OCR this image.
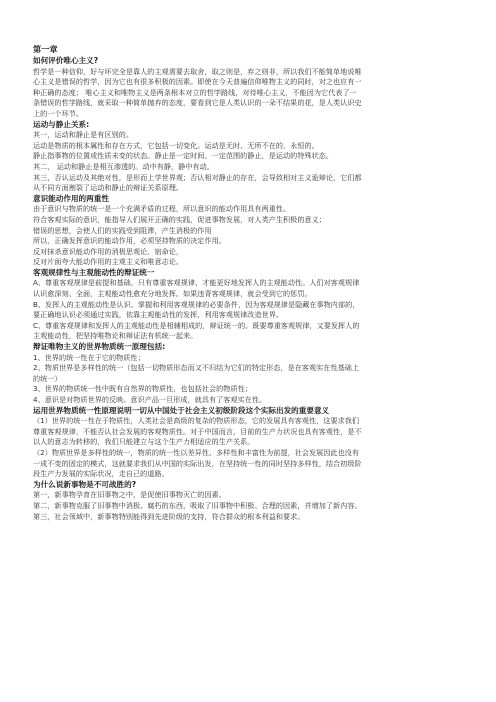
第一章
如何评价唯心主义?
哲学是一种信仰，好与坏完全是靠人的主观需要去取舍，取之则是，弃之则非，所以我们不能简单地说唯
心主义是错误的哲学，因为它也有很多积极的因素。即使在今天普遍信仰唯物主义的同时，对之也应有一
种正确的态度； 唯心主义和唯物主义是两条根本对立的哲学路线，对待唯心主义，不能因为它代表了一
条错误的哲学路线，就采取一种简单抛弃的态度，要看到它是人类认识的一朵不结果的花，是人类认识史
上的一个环节。
运动与静止关系:
其一，运动和静止是有区别的。
运动是物质的根本属性和存在方式，它包括一切变化。运动是无时、无所不在的，永恒的。
静止指事物的位置或性质未变的状态。静止是一定时间、一定范围的静止，是运动的特殊状态。
其二， 运动和静止是相互渗透的。动中有静，静中有动。
其三，否认运动及其绝对性，是形而上学世界观；否认相对静止的存在，会导致相对主义诡辩论，它们都
从不同方面割裂了运动和静止的辩证关系原理。
意识能动作用的两重性
由于意识与物质的统一是一个充满矛盾的过程，所以意识的能动作用具有两重性。
符合客观实际的意识，能指导人们展开正确的实践，促进事物发展，对人类产生积极的意义；
错误的思想，会使人们的实践受到阻滞，产生消极的作用
所以，正确发挥意识的能动作用，必须坚持物质的决定作用。
反对抹杀意识能动作用的消极思观论、宿命论，
反对片面夸大能动作用的主观主义和唯意志论。
客观规律性与主观能动性的辩证统一
A、尊重客观规律是前提和基础，只有尊重客观规律，才能更好地发挥人的主观能动性。人们对客观规律
认识愈深刻、全面，主观能动性愈充分地发挥。如果违背客观规律，就会受到它的惩罚。
B、发挥人的主观能动性是认识、掌握和利用客观规律的必要条件，因为客观规律是隐藏在事物内部的，
要正确地认识必须通过实践，依靠主观能动性的发挥，利用客观规律改造世界。
C、尊重客观规律和发挥人的主观能动性是相辅相成的，辩证统一的。既要尊重客观规律，又要发挥人的
主观能动性，把坚持唯物论和辩证法有机统一起来。
辩证唯物主义的世界物质统一原理包括:
1、世界的统一性在于它的物质性；
2、物质世界是多样性的统一（包括一切物质形态而又不归结为它们的特定形态，是在客观实在性基础上
的统一）
3、世界的物质统一性中既有自然界的物质性，也包括社会的物质性；
4、意识是对物质世界的反映。意识产品一旦形成，就具有了客观实在性。
运用世界物质统一性原理说明一切从中国处于社会主义初级阶段这个实际出发的重要意义
（1）世界的统一性在于物质性，人类社会是高级的复杂的物质形态，它的发展具有客观性，这要求我们
尊重客观规律，不能否认社会发展的客观物质性。对于中国而言，目前的生产力状况也具有客观性，是不
以人的意志为转移的，我们只能建立与这个生产力相适应的生产关系。
（2）物质世界是多样性的统一，物质的统一性以差异性、多样性和丰富性为前提，社会发展因此也没有
一成不变的固定的模式，这就要求我们从中国的实际出发，在坚持统一性的同时坚持多样性，结合初级阶
段生产力发展的实际状况，走自己的道路。
为什么说新事物是不可战胜的?
第一，新事物孕育在旧事物之中，是促使旧事物灭亡的因素。
第二，新事物克服了旧事物中消极、腐朽的东西，吸取了旧事物中积极、合理的因素，并增加了新内容。
第三，社会领域中，新事物特别能得到先进阶级的支持，符合群众的根本利益和要求。
